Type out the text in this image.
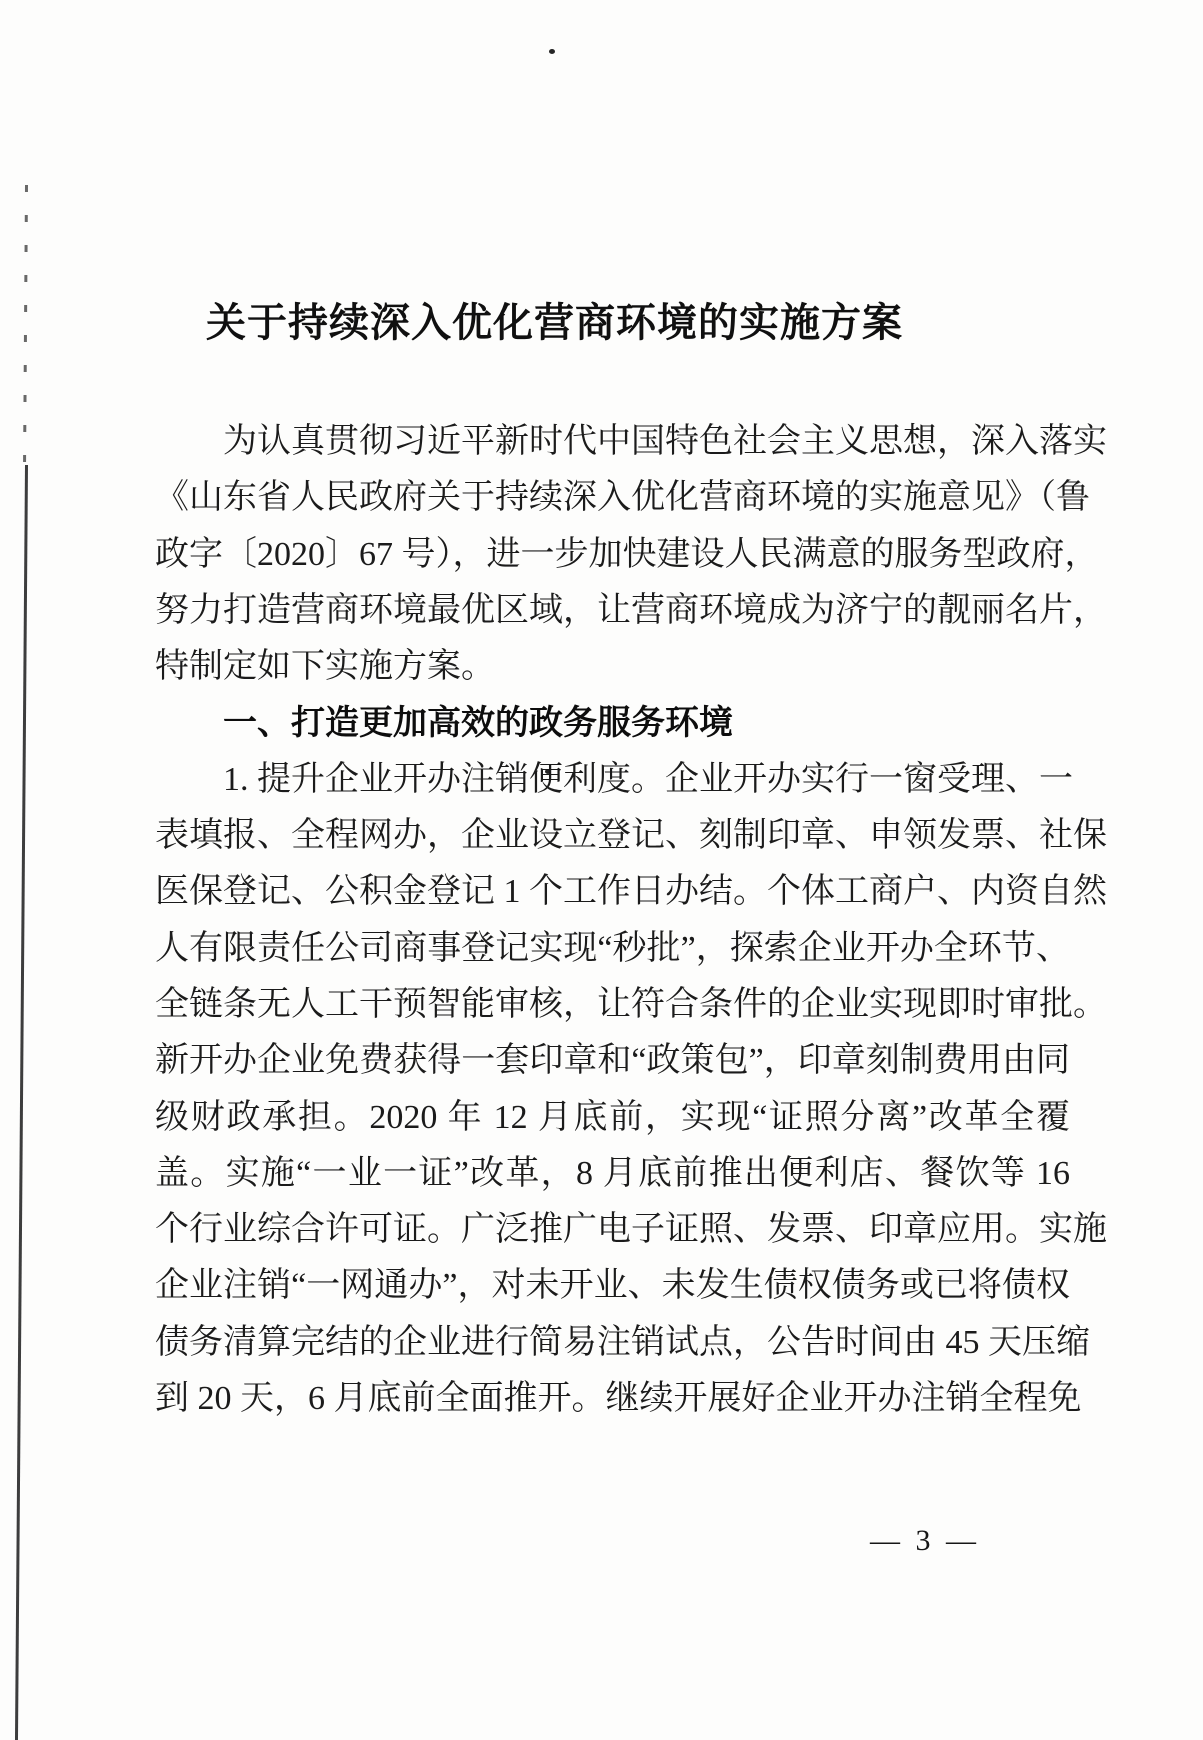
关于持续深入优化营商环境的实施方案
为认真贯彻习近平新时代中国特色社会主义思想，深入落实
《山东省人民政府关于持续深入优化营商环境的实施意见》（鲁
政字〔2020〕67 号），进一步加快建设人民满意的服务型政府，
努力打造营商环境最优区域，让营商环境成为济宁的靓丽名片，
特制定如下实施方案。
一、打造更加高效的政务服务环境
1. 提升企业开办注销便利度。企业开办实行一窗受理、一
表填报、全程网办，企业设立登记、刻制印章、申领发票、社保
医保登记、公积金登记 1 个工作日办结。个体工商户、内资自然
人有限责任公司商事登记实现“秒批”，探索企业开办全环节、
全链条无人工干预智能审核，让符合条件的企业实现即时审批。
新开办企业免费获得一套印章和“政策包”，印章刻制费用由同
级财政承担。2020 年 12 月底前，实现“证照分离”改革全覆
盖。实施“一业一证”改革，8 月底前推出便利店、餐饮等 16
个行业综合许可证。广泛推广电子证照、发票、印章应用。实施
企业注销“一网通办”，对未开业、未发生债权债务或已将债权
债务清算完结的企业进行简易注销试点，公告时间由 45 天压缩
到 20 天，6 月底前全面推开。继续开展好企业开办注销全程免
— 3 —
